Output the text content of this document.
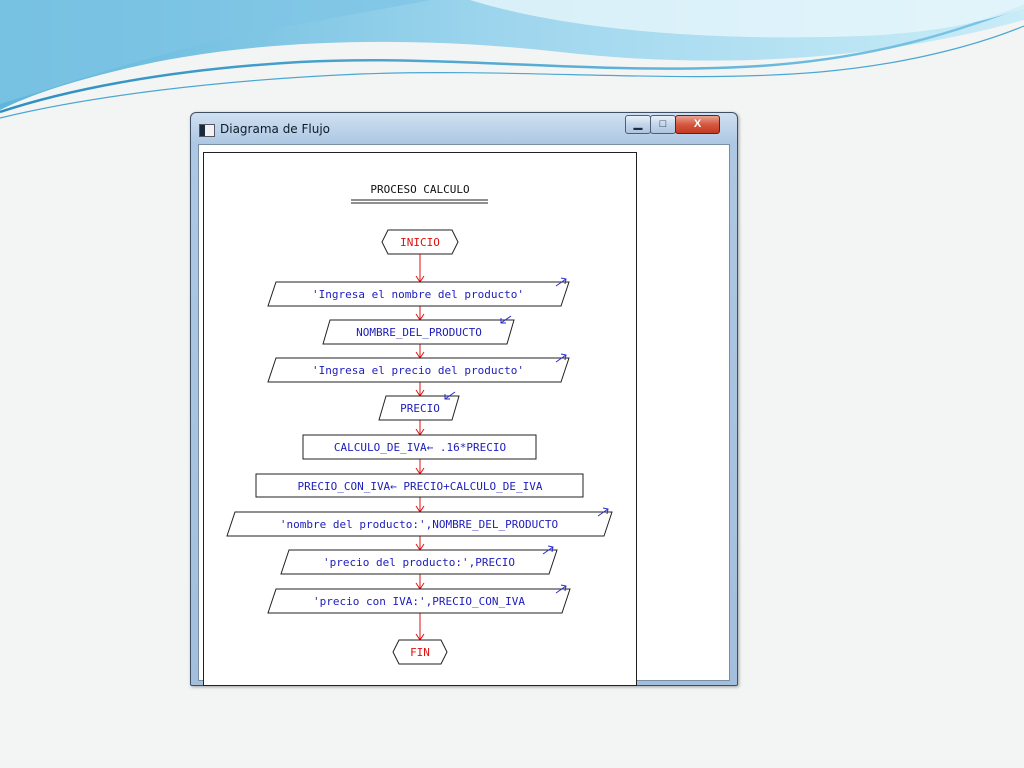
Diagrama de Flujo	▁	□	X
PROCESO CALCULO
INICIO
'Ingresa el nombre del producto'
NOMBRE_DEL_PRODUCTO
'Ingresa el precio del producto'
PRECIO
CALCULO_DE_IVA← .16*PRECIO
PRECIO_CON_IVA← PRECIO+CALCULO_DE_IVA
'nombre del producto:',NOMBRE_DEL_PRODUCTO
'precio del producto:',PRECIO
'precio con IVA:',PRECIO_CON_IVA
FIN
